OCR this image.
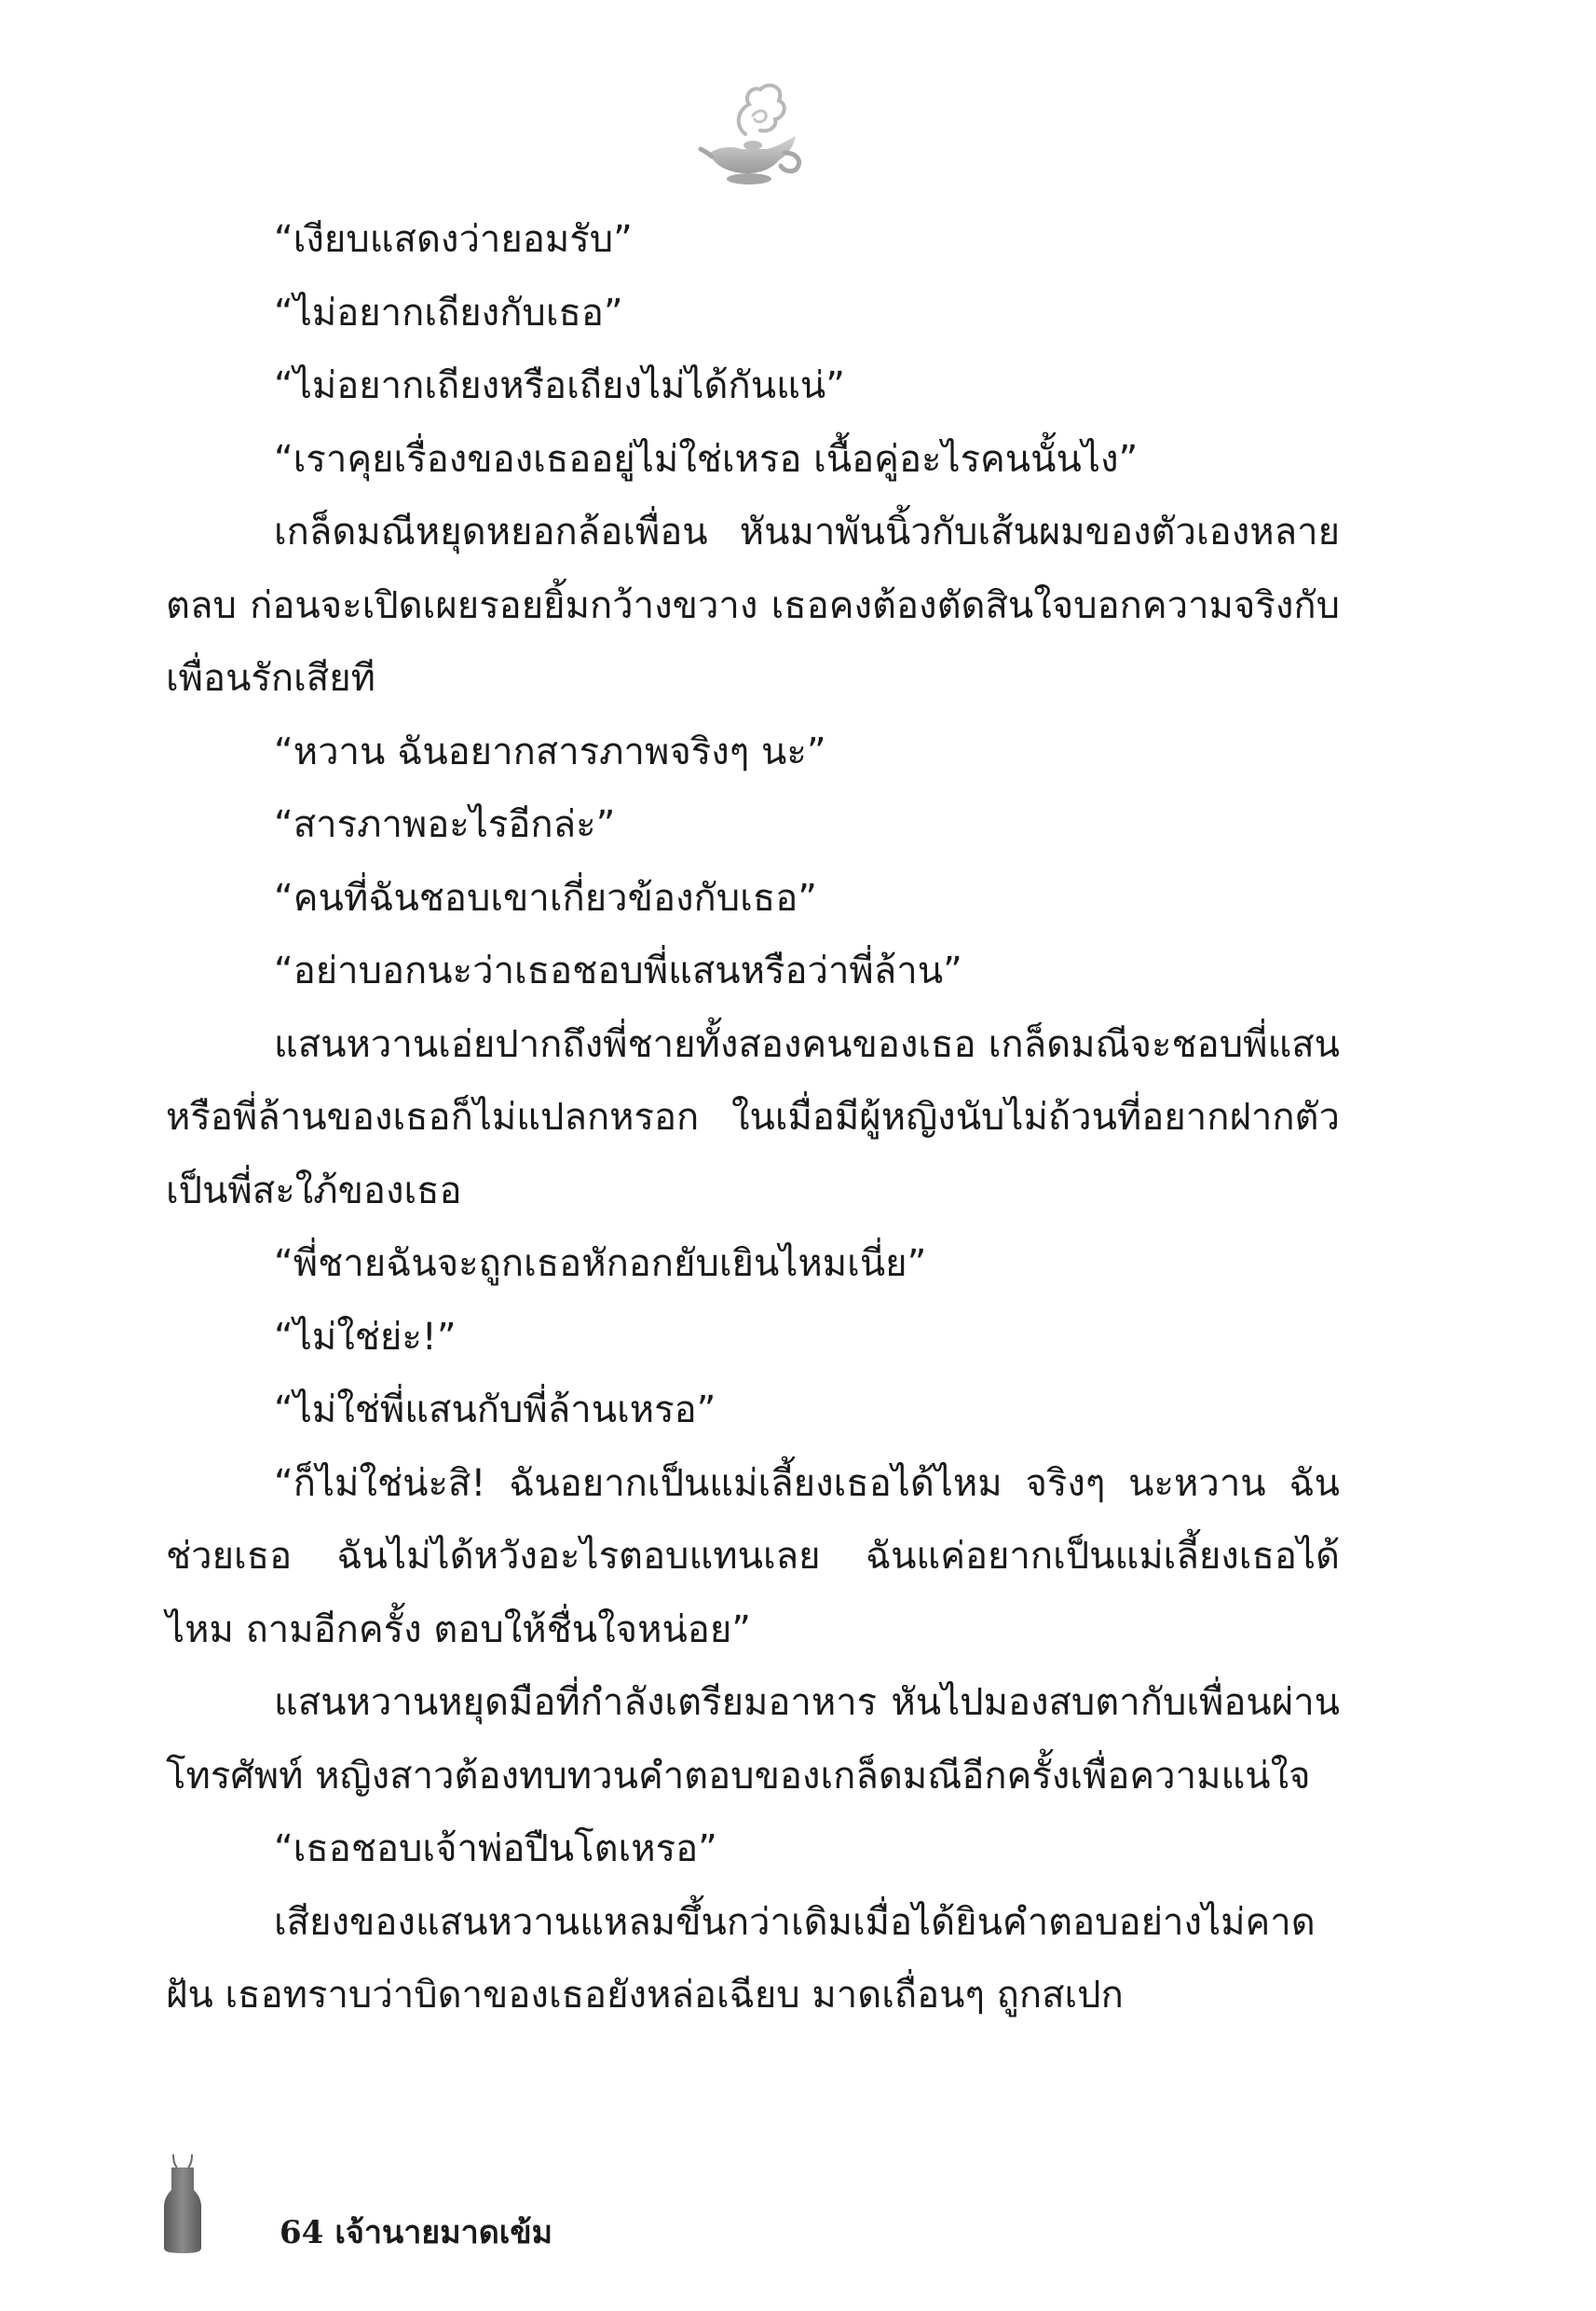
“เงียบแสดงว่ายอมรับ”

“ไม่อยากเถียงกับเธอ”

“ไม่อยากเถียงหรือเถียงไม่ได้กันแน่”

“เราคุยเรื่องของเธออยู่ไม่ใช่เหรอ เนื้อคู่อะไรคนนั้นไง”

เกล็ดมณีหยุดหยอกล้อเพื่อน หันมาพันนิ้วกับเส้นผมของตัวเองหลายตลบ ก่อนจะเปิดเผยรอยยิ้มกว้างขวาง เธอคงต้องตัดสินใจบอกความจริงกับเพื่อนรักเสียที

“หวาน ฉันอยากสารภาพจริงๆ นะ”

“สารภาพอะไรอีกล่ะ”

“คนที่ฉันชอบเขาเกี่ยวข้องกับเธอ”

“อย่าบอกนะว่าเธอชอบพี่แสนหรือว่าพี่ล้าน”

แสนหวานเอ่ยปากถึงพี่ชายทั้งสองคนของเธอ เกล็ดมณีจะชอบพี่แสนหรือพี่ล้านของเธอก็ไม่แปลกหรอก ในเมื่อมีผู้หญิงนับไม่ถ้วนที่อยากฝากตัวเป็นพี่สะใภ้ของเธอ

“พี่ชายฉันจะถูกเธอหักอกยับเยินไหมเนี่ย”

“ไม่ใช่ย่ะ!”

“ไม่ใช่พี่แสนกับพี่ล้านเหรอ”

“ก็ไม่ใช่น่ะสิ! ฉันอยากเป็นแม่เลี้ยงเธอได้ไหม จริงๆ นะหวาน ฉันช่วยเธอ ฉันไม่ได้หวังอะไรตอบแทนเลย ฉันแค่อยากเป็นแม่เลี้ยงเธอได้ไหม ถามอีกครั้ง ตอบให้ชื่นใจหน่อย”

แสนหวานหยุดมือที่กำลังเตรียมอาหาร หันไปมองสบตากับเพื่อนผ่านโทรศัพท์ หญิงสาวต้องทบทวนคำตอบของเกล็ดมณีอีกครั้งเพื่อความแน่ใจ

“เธอชอบเจ้าพ่อปืนโตเหรอ”

เสียงของแสนหวานแหลมขึ้นกว่าเดิมเมื่อได้ยินคำตอบอย่างไม่คาดฝัน เธอทราบว่าบิดาของเธอยังหล่อเฉียบ มาดเถื่อนๆ ถูกสเปก

64 เจ้านายมาดเข้ม
